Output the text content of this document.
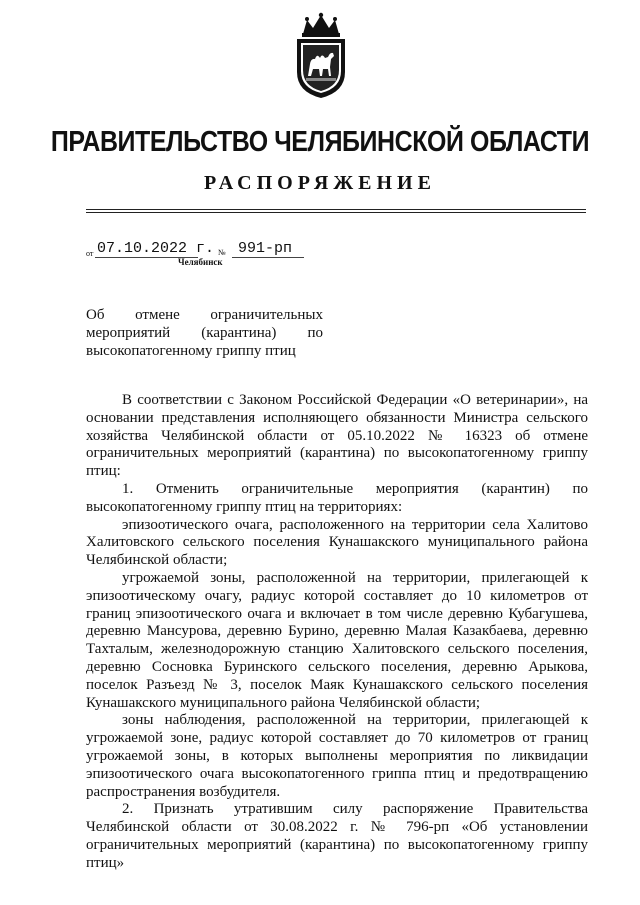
ПРАВИТЕЛЬСТВО ЧЕЛЯБИНСКОЙ ОБЛАСТИ
РАСПОРЯЖЕНИЕ
от 07.10.2022 г. № 991-рп
Челябинск
Об отмене ограничительных
мероприятий (карантина) по
высокопатогенному гриппу птиц

В соответствии с Законом Российской Федерации «О ветеринарии», на основании представления исполняющего обязанности Министра сельского хозяйства Челябинской области от 05.10.2022 № 16323 об отмене ограничительных мероприятий (карантина) по высокопатогенному гриппу птиц:

1. Отменить ограничительные мероприятия (карантин) по высокопатогенному гриппу птиц на территориях:

эпизоотического очага, расположенного на территории села Халитово Халитовского сельского поселения Кунашакского муниципального района Челябинской области;

угрожаемой зоны, расположенной на территории, прилегающей к эпизоотическому очагу, радиус которой составляет до 10 километров от границ эпизоотического очага и включает в том числе деревню Кубагушева, деревню Мансурова, деревню Бурино, деревню Малая Казакбаева, деревню Тахталым, железнодорожную станцию Халитовского сельского поселения, деревню Сосновка Буринского сельского поселения, деревню Арыкова, поселок Разъезд № 3, поселок Маяк Кунашакского сельского поселения Кунашакского муниципального района Челябинской области;

зоны наблюдения, расположенной на территории, прилегающей к угрожаемой зоне, радиус которой составляет до 70 километров от границ угрожаемой зоны, в которых выполнены мероприятия по ликвидации эпизоотического очага высокопатогенного гриппа птиц и предотвращению распространения возбудителя.

2. Признать утратившим силу распоряжение Правительства Челябинской области от 30.08.2022 г. № 796-рп «Об установлении ограничительных мероприятий (карантина) по высокопатогенному гриппу птиц»
